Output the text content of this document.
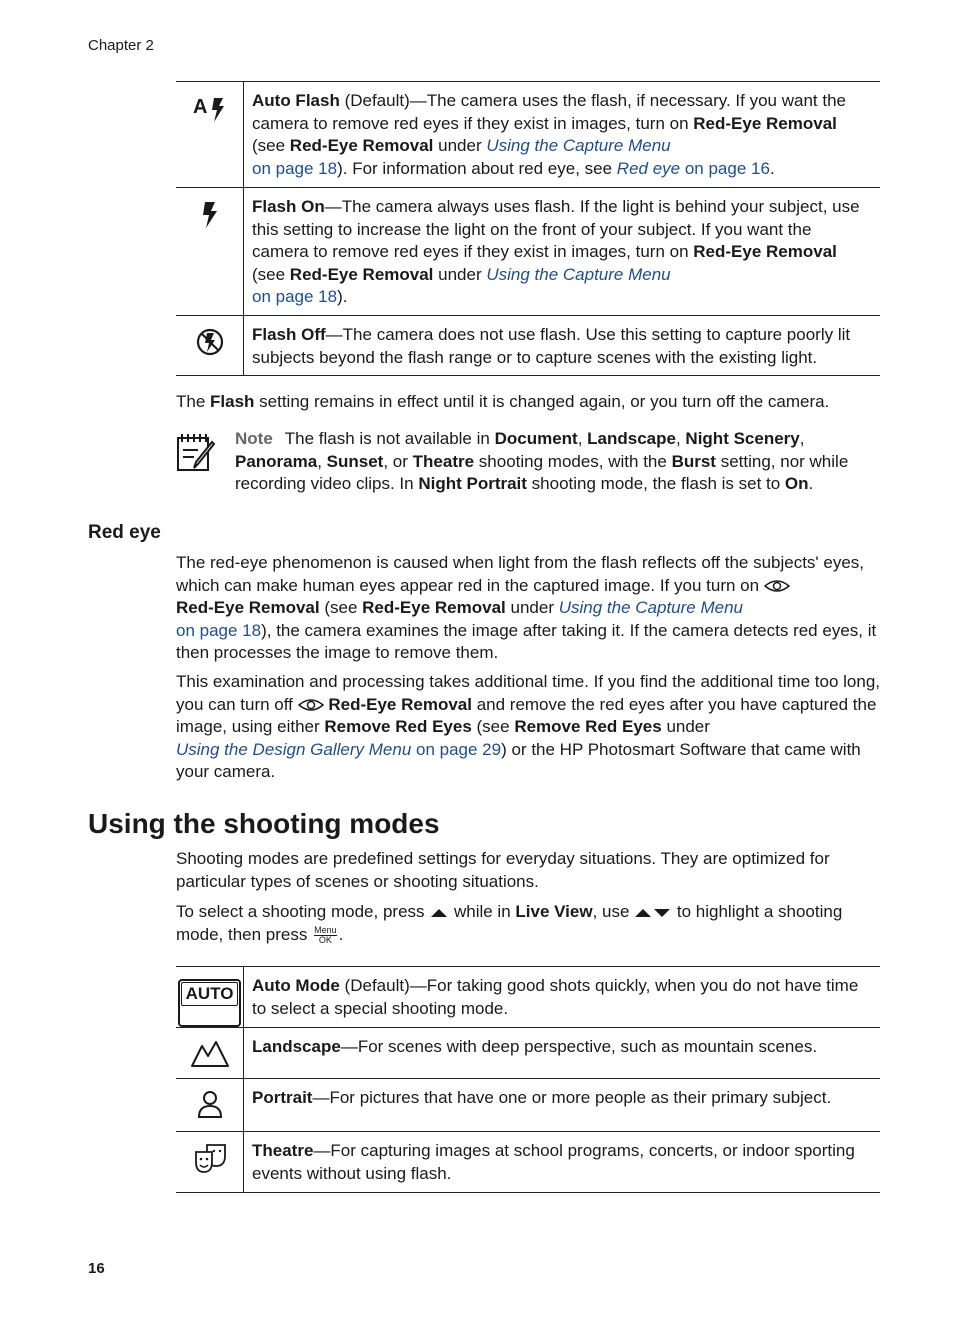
Chapter 2
A	Auto Flash (Default)—The camera uses the flash, if necessary. If you want the camera to remove red eyes if they exist in images, turn on Red-Eye Removal (see Red-Eye Removal under Using the Capture Menu
on page 18). For information about red eye, see Red eye on page 16.
Flash On—The camera always uses flash. If the light is behind your subject, use this setting to increase the light on the front of your subject. If you want the camera to remove red eyes if they exist in images, turn on Red-Eye Removal (see Red-Eye Removal under Using the Capture Menu
on page 18).
Flash Off—The camera does not use flash. Use this setting to capture poorly lit subjects beyond the flash range or to capture scenes with the existing light.

The Flash setting remains in effect until it is changed again, or you turn off the camera.

Note The flash is not available in Document, Landscape, Night Scenery, Panorama, Sunset, or Theatre shooting modes, with the Burst setting, nor while recording video clips. In Night Portrait shooting mode, the flash is set to On.

Red eye

The red-eye phenomenon is caused when light from the flash reflects off the subjects' eyes, which can make human eyes appear red in the captured image. If you turn on
Red-Eye Removal (see Red-Eye Removal under Using the Capture Menu
on page 18), the camera examines the image after taking it. If the camera detects red eyes, it then processes the image to remove them.

This examination and processing takes additional time. If you find the additional time too long, you can turn off  Red-Eye Removal and remove the red eyes after you have captured the image, using either Remove Red Eyes (see Remove Red Eyes under
Using the Design Gallery Menu on page 29) or the HP Photosmart Software that came with your camera.

Using the shooting modes

Shooting modes are predefined settings for everyday situations. They are optimized for particular types of scenes or shooting situations.

To select a shooting mode, press  while in Live View, use  to highlight a shooting mode, then press Menu
OK .

AUTO	Auto Mode (Default)—For taking good shots quickly, when you do not have time to select a special shooting mode.
Landscape—For scenes with deep perspective, such as mountain scenes.
Portrait—For pictures that have one or more people as their primary subject.
Theatre—For capturing images at school programs, concerts, or indoor sporting events without using flash.
16
